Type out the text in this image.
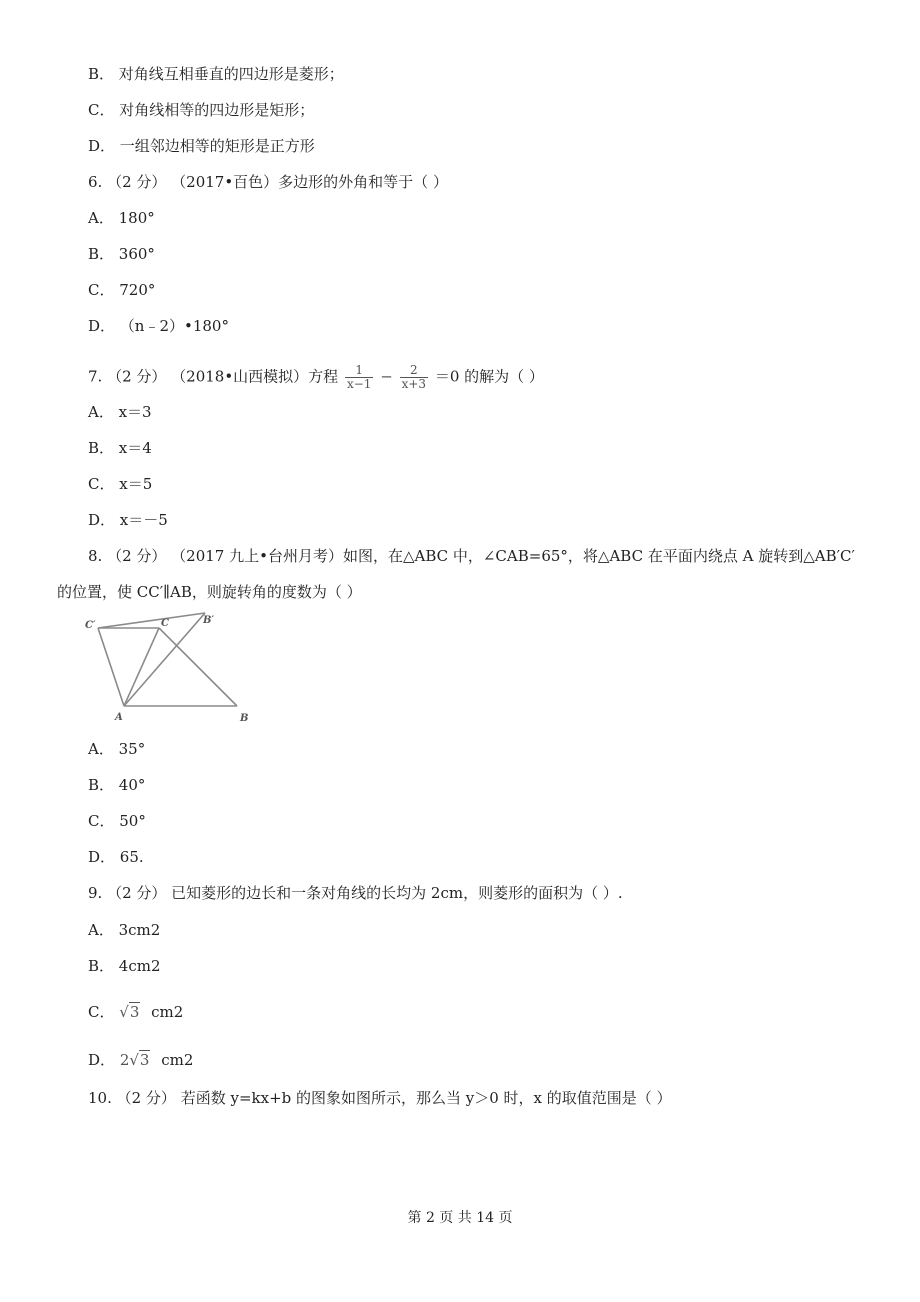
B． 对角线互相垂直的四边形是菱形；
C． 对角线相等的四边形是矩形；
D． 一组邻边相等的矩形是正方形
6. （2 分） （2017•百色）多边形的外角和等于（ ）
A． 180°
B． 360°
C． 720°
D． （n﹣2）•180°
7. （2 分） （2018•山西模拟）方程 $\frac{1}{x-1} - \frac{2}{x+3} =0$ 的解为（ ）
A． x＝3
B． x＝4
C． x＝5
D． x＝－5
8. （2 分） （2017 九上•台州月考）如图，在△ABC 中，∠CAB=65°，将△ABC 在平面内绕点 A 旋转到△AB′C′
的位置，使 CC′∥AB，则旋转角的度数为（ ）
C′	C	B′
A	B
A． 35°
B． 40°
C． 50°
D． 65.
9. （2 分） 已知菱形的边长和一条对角线的长均为 2cm，则菱形的面积为（ ）.
A． 3cm2
B． 4cm2
C． √3 cm2
D． 2√3 cm2
10. （2 分） 若函数 y=kx+b 的图象如图所示，那么当 y＞0 时，x 的取值范围是（ ）
第 2 页 共 14 页
